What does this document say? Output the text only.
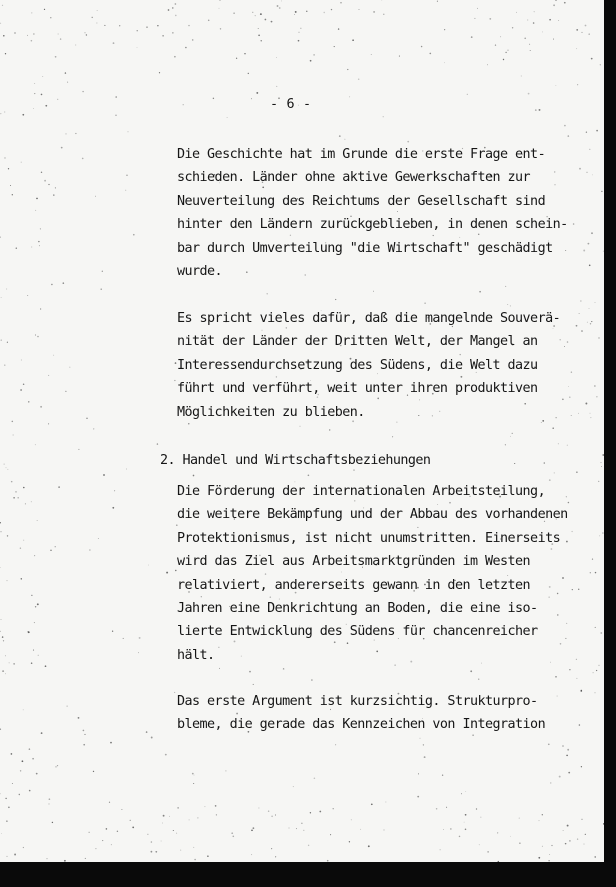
- 6 -

Die Geschichte hat im Grunde die erste Frage ent-
schieden. Länder ohne aktive Gewerkschaften zur
Neuverteilung des Reichtums der Gesellschaft sind
hinter den Ländern zurückgeblieben, in denen schein-
bar durch Umverteilung "die Wirtschaft" geschädigt
wurde.

Es spricht vieles dafür, daß die mangelnde Souverä-
nität der Länder der Dritten Welt, der Mangel an
Interessendurchsetzung des Südens, die Welt dazu
führt und verführt, weit unter ihren produktiven
Möglichkeiten zu blieben.

2. Handel und Wirtschaftsbeziehungen

Die Förderung der internationalen Arbeitsteilung,
die weitere Bekämpfung und der Abbau des vorhandenen
Protektionismus, ist nicht unumstritten. Einerseits
wird das Ziel aus Arbeitsmarktgründen im Westen
relativiert, andererseits gewann in den letzten
Jahren eine Denkrichtung an Boden, die eine iso-
lierte Entwicklung des Südens für chancenreicher
hält.

Das erste Argument ist kurzsichtig. Strukturpro-
bleme, die gerade das Kennzeichen von Integration
